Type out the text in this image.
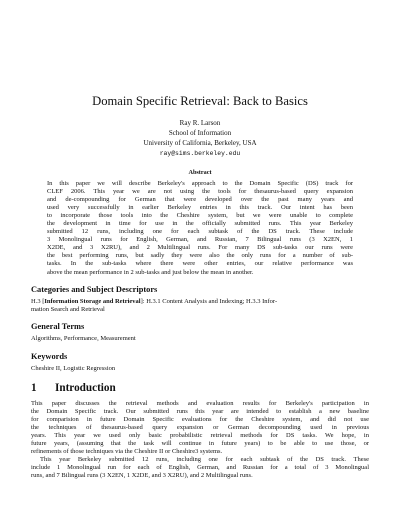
Domain Specific Retrieval: Back to Basics
Ray R. Larson
School of Information
University of California, Berkeley, USA
ray@sims.berkeley.edu
Abstract
In this paper we will describe Berkeley's approach to the Domain Specific (DS) track for
CLEF 2006. This year we are not using the tools for thesaurus-based query expansion
and de-compounding for German that were developed over the past many years and
used very successfully in earlier Berkeley entries in this track. Our intent has been
to incorporate those tools into the Cheshire system, but we were unable to complete
the development in time for use in the officially submitted runs. This year Berkeley
submitted 12 runs, including one for each subtask of the DS track. These include
3 Monolingual runs for English, German, and Russian, 7 Bilingual runs (3 X2EN, 1
X2DE, and 3 X2RU), and 2 Multilingual runs. For many DS sub-tasks our runs were
the best performing runs, but sadly they were also the only runs for a number of sub-
tasks. In the sub-tasks where there were other entries, our relative performance was
above the mean performance in 2 sub-tasks and just below the mean in another.
Categories and Subject Descriptors
H.3 [Information Storage and Retrieval]: H.3.1 Content Analysis and Indexing; H.3.3 Infor-
mation Search and Retrieval
General Terms
Algorithms, Performance, Measurement
Keywords
Cheshire II, Logistic Regression
1 Introduction
This paper discusses the retrieval methods and evaluation results for Berkeley's participation in
the Domain Specific track. Our submitted runs this year are intended to establish a new baseline
for comparision in future Domain Specific evaluations for the Cheshire system, and did not use
the techniques of thesaurus-based query expansion or German decompounding used in previous
years. This year we used only basic probabilistic retrieval methods for DS tasks. We hope, in
future years, (assuming that the task will continue in future years) to be able to use those, or
refinements of those techniques via the Cheshire II or Cheshire3 systems.
This year Berkeley submitted 12 runs, including one for each subtask of the DS track. These
include 1 Monolingual run for each of English, German, and Russian for a total of 3 Monolingual
runs, and 7 Bilingual runs (3 X2EN, 1 X2DE, and 3 X2RU), and 2 Multilingual runs.
